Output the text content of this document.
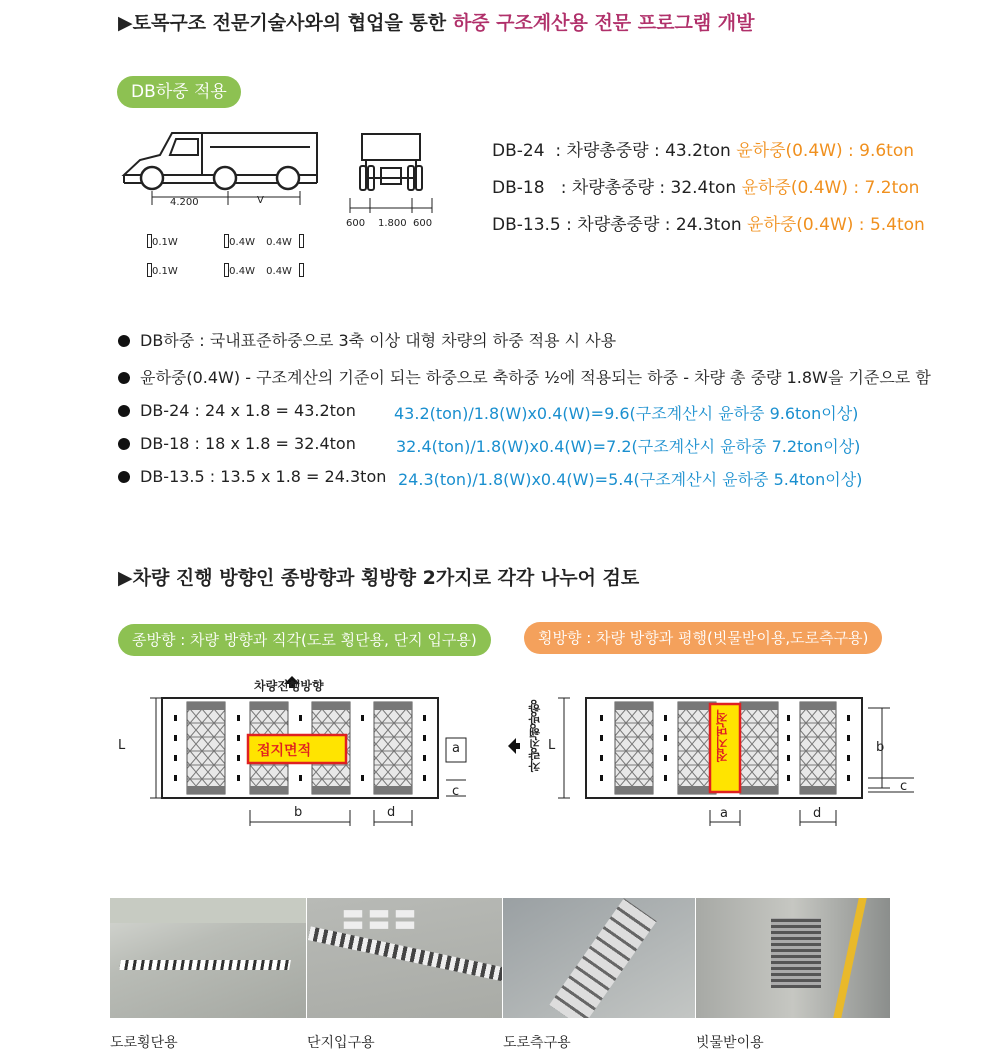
▶토목구조 전문기술사와의 협업을 통한 하중 구조계산용 전문 프로그램 개발
DB하중 적용
4.200	V
0.1W	0.4W 0.4W
0.1W	0.4W 0.4W
600 1.800 600
DB-24  : 차량총중량 : 43.2ton 윤하중(0.4W) : 9.6ton
DB-18   : 차량총중량 : 32.4ton 윤하중(0.4W) : 7.2ton
DB-13.5 : 차량총중량 : 24.3ton 윤하중(0.4W) : 5.4ton
DB하중 : 국내표준하중으로 3축 이상 대형 차량의 하중 적용 시 사용
윤하중(0.4W) - 구조계산의 기준이 되는 하중으로 축하중 ½에 적용되는 하중 - 차량 총 중량 1.8W을 기준으로 함
DB-24 : 24 x 1.8 = 43.2ton 43.2(ton)/1.8(W)x0.4(W)=9.6(구조계산시 윤하중 9.6ton이상)
DB-18 : 18 x 1.8 = 32.4ton	32.4(ton)/1.8(W)x0.4(W)=7.2(구조계산시 윤하중 7.2ton이상)
DB-13.5 : 13.5 x 1.8 = 24.3ton 24.3(ton)/1.8(W)x0.4(W)=5.4(구조계산시 윤하중 5.4ton이상)
▶차량 진행 방향인 종방향과 횡방향 2가지로 각각 나누어 검토
종방향 : 차량 방향과 직각(도로 횡단용, 단지 입구용)	횡방향 : 차량 방향과 평행(빗물받이용,도로측구용)
차량진행방향
접지면적
L	a
c
b	d
차량진행방향	접지면적
L	b
c
a	d
〓〓〓
도로횡단용	단지입구용	도로측구용	빗물받이용
